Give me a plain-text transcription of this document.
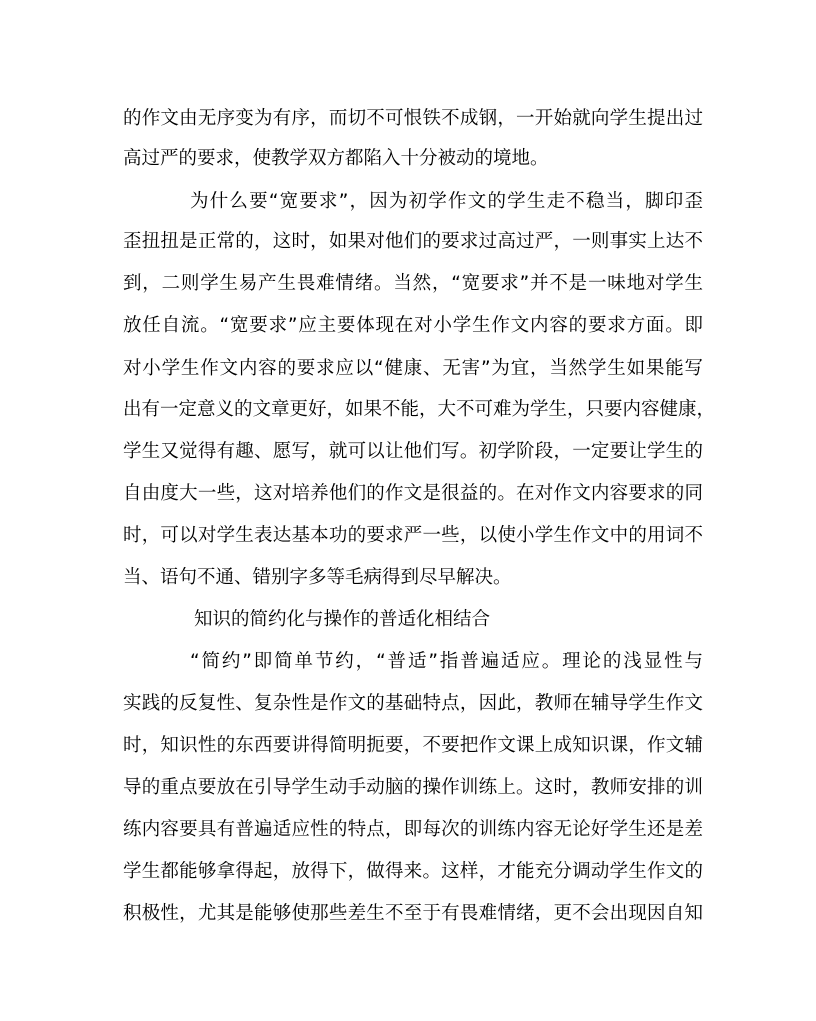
的作文由无序变为有序，而切不可恨铁不成钢，一开始就向学生提出过
高过严的要求，使教学双方都陷入十分被动的境地。
为什么要“宽要求”，因为初学作文的学生走不稳当，脚印歪
歪扭扭是正常的，这时，如果对他们的要求过高过严，一则事实上达不
到，二则学生易产生畏难情绪。当然，“宽要求”并不是一味地对学生
放任自流。“宽要求”应主要体现在对小学生作文内容的要求方面。即
对小学生作文内容的要求应以“健康、无害”为宜，当然学生如果能写
出有一定意义的文章更好，如果不能，大不可难为学生，只要内容健康，
学生又觉得有趣、愿写，就可以让他们写。初学阶段，一定要让学生的
自由度大一些，这对培养他们的作文是很益的。在对作文内容要求的同
时，可以对学生表达基本功的要求严一些，以使小学生作文中的用词不
当、语句不通、错别字多等毛病得到尽早解决。
知识的简约化与操作的普适化相结合
“简约”即简单节约，“普适”指普遍适应。理论的浅显性与
实践的反复性、复杂性是作文的基础特点，因此，教师在辅导学生作文
时，知识性的东西要讲得简明扼要，不要把作文课上成知识课，作文辅
导的重点要放在引导学生动手动脑的操作训练上。这时，教师安排的训
练内容要具有普遍适应性的特点，即每次的训练内容无论好学生还是差
学生都能够拿得起，放得下，做得来。这样，才能充分调动学生作文的
积极性，尤其是能够使那些差生不至于有畏难情绪，更不会出现因自知
